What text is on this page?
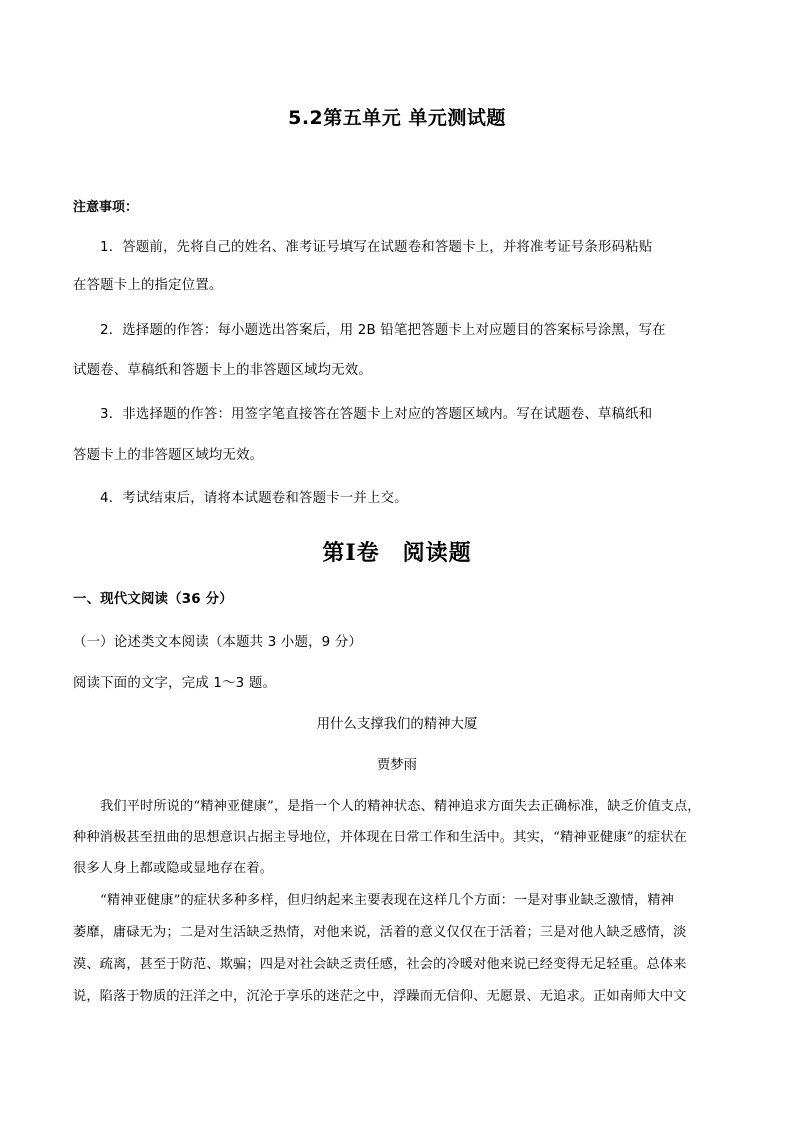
5.2第五单元 单元测试题
注意事项：
1．答题前，先将自己的姓名、准考证号填写在试题卷和答题卡上，并将准考证号条形码粘贴
在答题卡上的指定位置。
2．选择题的作答：每小题选出答案后，用 2B 铅笔把答题卡上对应题目的答案标号涂黑，写在
试题卷、草稿纸和答题卡上的非答题区域均无效。
3．非选择题的作答：用签字笔直接答在答题卡上对应的答题区域内。写在试题卷、草稿纸和
答题卡上的非答题区域均无效。
4．考试结束后，请将本试题卷和答题卡一并上交。
第Ⅰ卷　阅读题
一、现代文阅读（36 分）
（一）论述类文本阅读（本题共 3 小题，9 分）
阅读下面的文字，完成 1～3 题。
用什么支撑我们的精神大厦
贾梦雨
我们平时所说的“精神亚健康”，是指一个人的精神状态、精神追求方面失去正确标准，缺乏价值支点，
种种消极甚至扭曲的思想意识占据主导地位，并体现在日常工作和生活中。其实，“精神亚健康”的症状在
很多人身上都或隐或显地存在着。
“精神亚健康”的症状多种多样，但归纳起来主要表现在这样几个方面：一是对事业缺乏激情，精神
萎靡，庸碌无为；二是对生活缺乏热情，对他来说，活着的意义仅仅在于活着；三是对他人缺乏感情，淡
漠、疏离，甚至于防范、欺骗；四是对社会缺乏责任感，社会的冷暖对他来说已经变得无足轻重。总体来
说，陷落于物质的汪洋之中，沉沦于享乐的迷茫之中，浮躁而无信仰、无愿景、无追求。正如南师大中文
